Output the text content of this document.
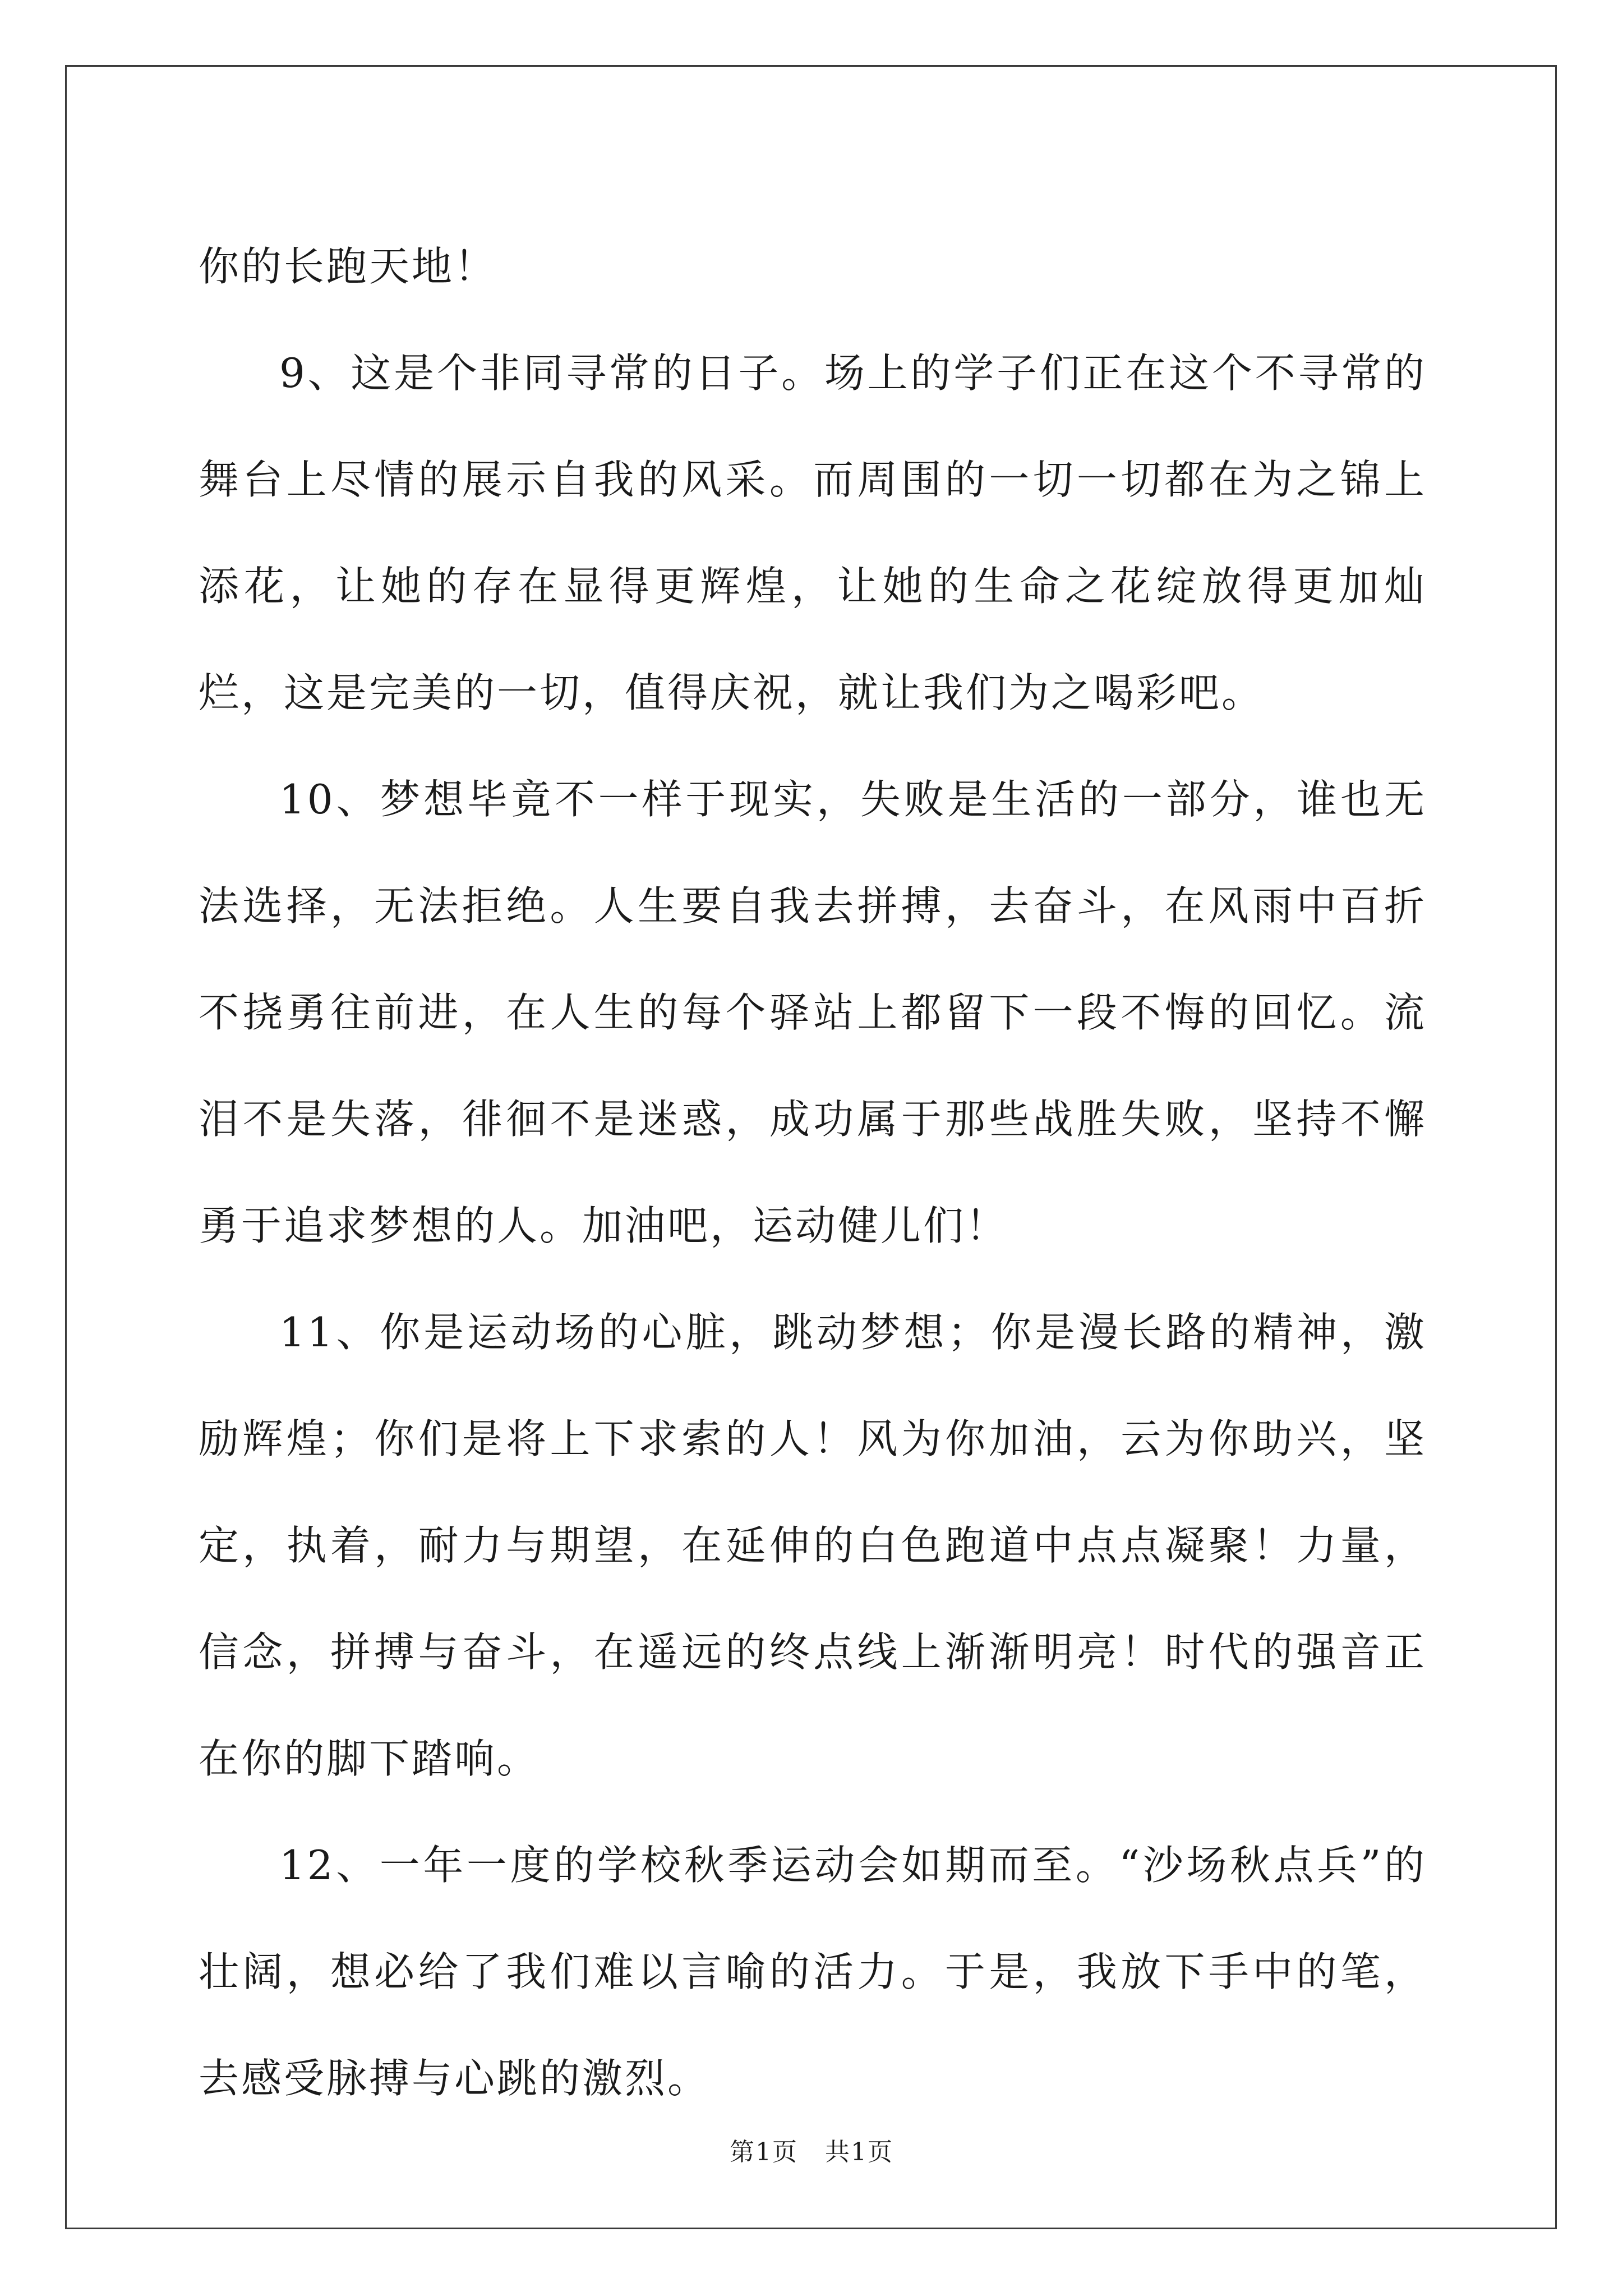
你的长跑天地！

9、这是个非同寻常的日子。场上的学子们正在这个不寻常的舞台上尽情的展示自我的风采。而周围的一切一切都在为之锦上添花，让她的存在显得更辉煌，让她的生命之花绽放得更加灿烂，这是完美的一切，值得庆祝，就让我们为之喝彩吧。

10、梦想毕竟不一样于现实，失败是生活的一部分，谁也无法选择，无法拒绝。人生要自我去拼搏，去奋斗，在风雨中百折不挠勇往前进，在人生的每个驿站上都留下一段不悔的回忆。流泪不是失落，徘徊不是迷惑，成功属于那些战胜失败，坚持不懈勇于追求梦想的人。加油吧，运动健儿们！

11、你是运动场的心脏，跳动梦想；你是漫长路的精神，激励辉煌；你们是将上下求索的人！风为你加油，云为你助兴，坚定，执着，耐力与期望，在延伸的白色跑道中点点凝聚！力量，信念，拼搏与奋斗，在遥远的终点线上渐渐明亮！时代的强音正在你的脚下踏响。

12、一年一度的学校秋季运动会如期而至。“沙场秋点兵”的壮阔，想必给了我们难以言喻的活力。于是，我放下手中的笔，去感受脉搏与心跳的激烈。

第1页 共1页
